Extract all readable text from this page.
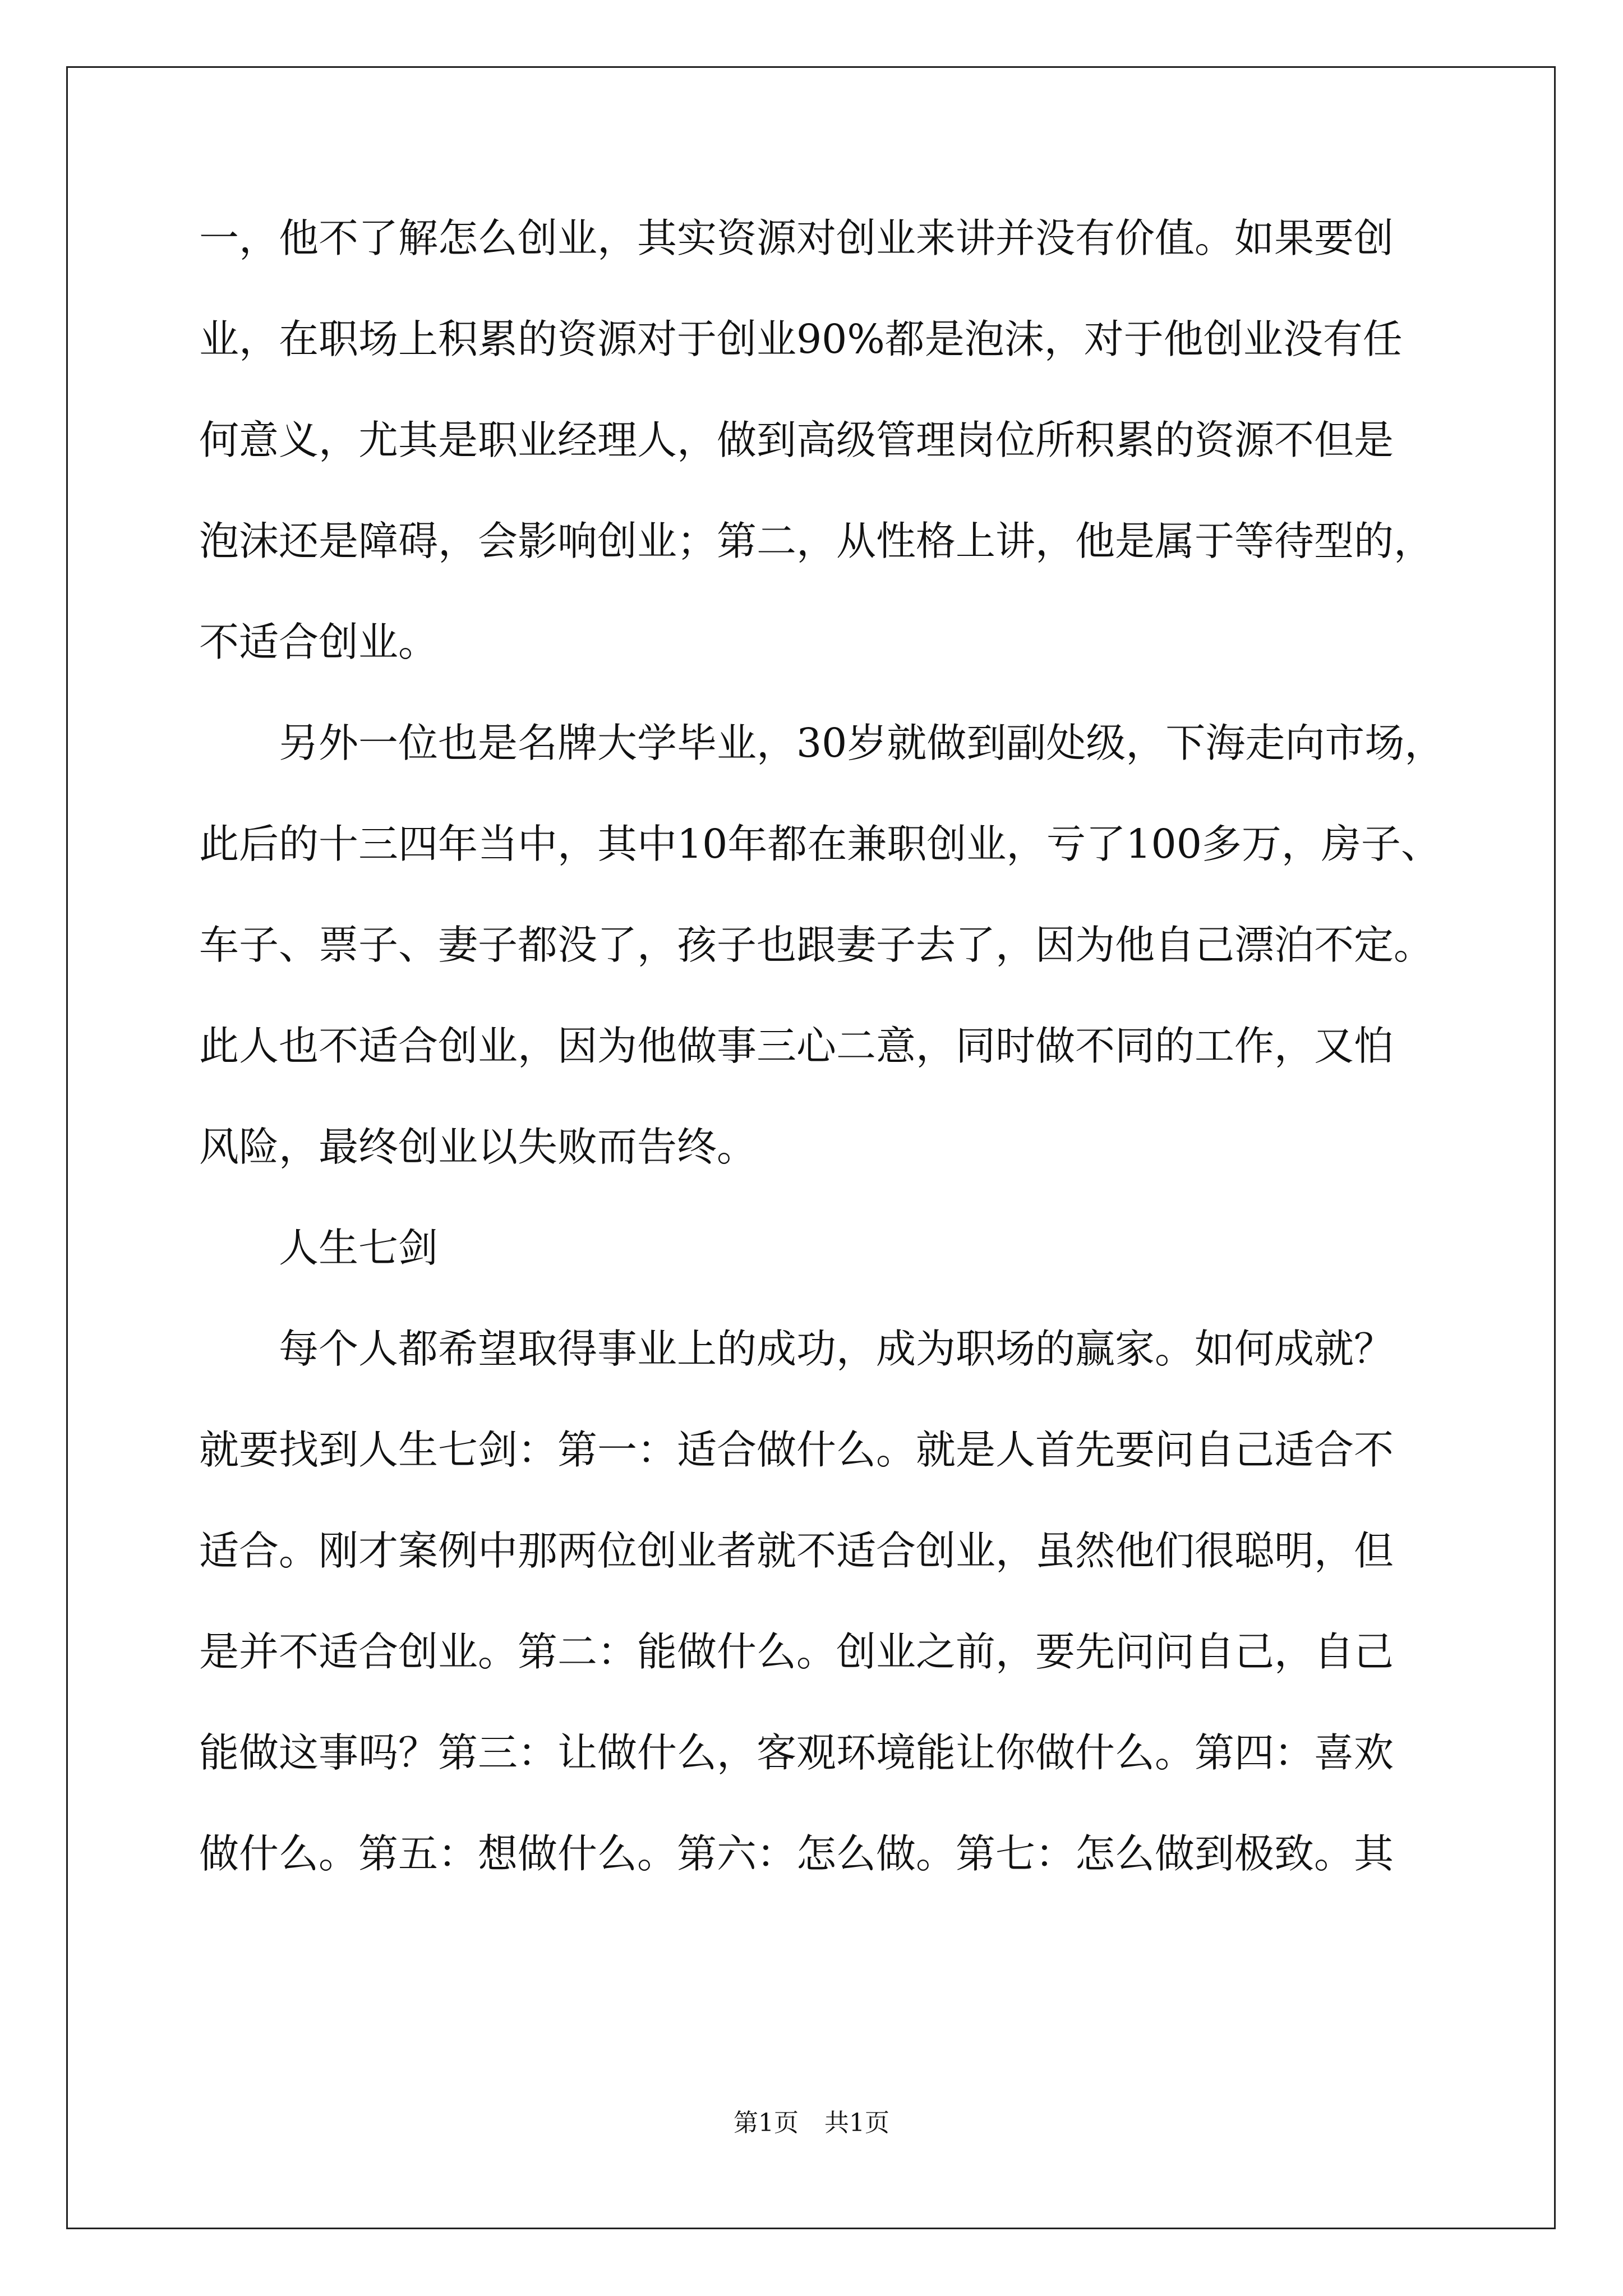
一，他不了解怎么创业，其实资源对创业来讲并没有价值。如果要创
业，在职场上积累的资源对于创业90%都是泡沫，对于他创业没有任
何意义，尤其是职业经理人，做到高级管理岗位所积累的资源不但是
泡沫还是障碍，会影响创业；第二，从性格上讲，他是属于等待型的，
不适合创业。
　　另外一位也是名牌大学毕业，30岁就做到副处级，下海走向市场，
此后的十三四年当中，其中10年都在兼职创业，亏了100多万，房子、
车子、票子、妻子都没了，孩子也跟妻子去了，因为他自己漂泊不定。
此人也不适合创业，因为他做事三心二意，同时做不同的工作，又怕
风险，最终创业以失败而告终。
　　人生七剑
　　每个人都希望取得事业上的成功，成为职场的赢家。如何成就？
就要找到人生七剑：第一：适合做什么。就是人首先要问自己适合不
适合。刚才案例中那两位创业者就不适合创业，虽然他们很聪明，但
是并不适合创业。第二：能做什么。创业之前，要先问问自己，自己
能做这事吗？第三：让做什么，客观环境能让你做什么。第四：喜欢
做什么。第五：想做什么。第六：怎么做。第七：怎么做到极致。其
第1页 共1页
